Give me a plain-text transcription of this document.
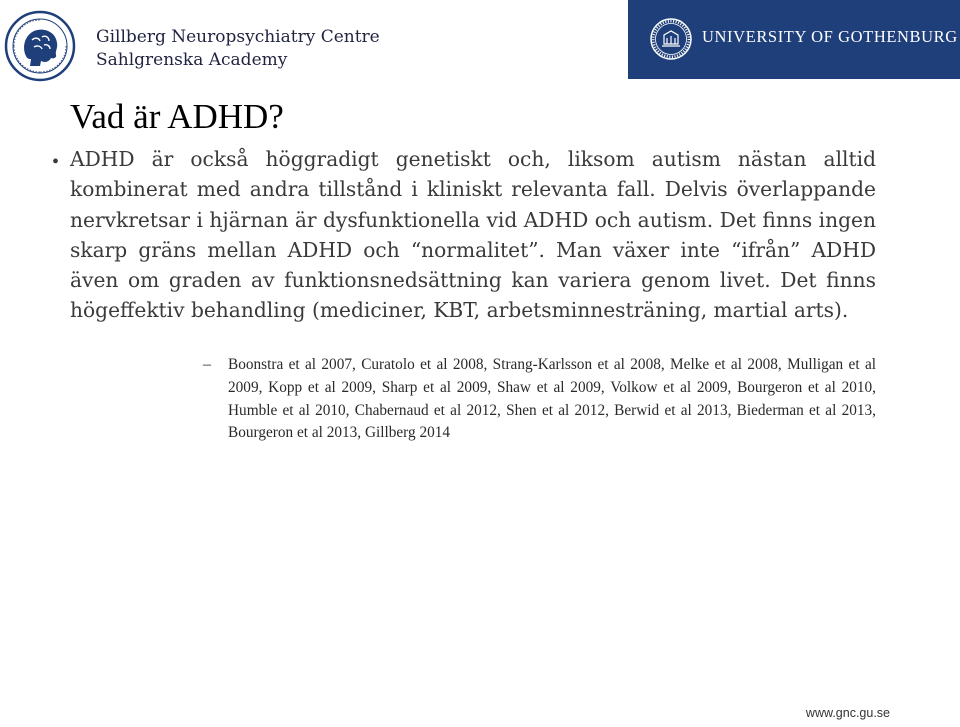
Gillberg Neuropsychiatry Centre
Sahlgrenska Academy
UNIVERSITY OF GOTHENBURG
Vad är ADHD?
• ADHD är också höggradigt genetiskt och, liksom autism nästan alltid kombinerat med andra tillstånd i kliniskt relevanta fall. Delvis överlappande nervkretsar i hjärnan är dysfunktionella vid ADHD och autism. Det finns ingen skarp gräns mellan ADHD och “normalitet”. Man växer inte “ifrån” ADHD även om graden av funktionsnedsättning kan variera genom livet. Det finns högeffektiv behandling (mediciner, KBT, arbetsminnesträning, martial arts).

– Boonstra et al 2007, Curatolo et al 2008, Strang-Karlsson et al 2008, Melke et al 2008, Mulligan et al 2009, Kopp et al 2009, Sharp et al 2009, Shaw et al 2009, Volkow et al 2009, Bourgeron et al 2010, Humble et al 2010, Chabernaud et al 2012, Shen et al 2012, Berwid et al 2013, Biederman et al 2013, Bourgeron et al 2013, Gillberg 2014

www.gnc.gu.se
